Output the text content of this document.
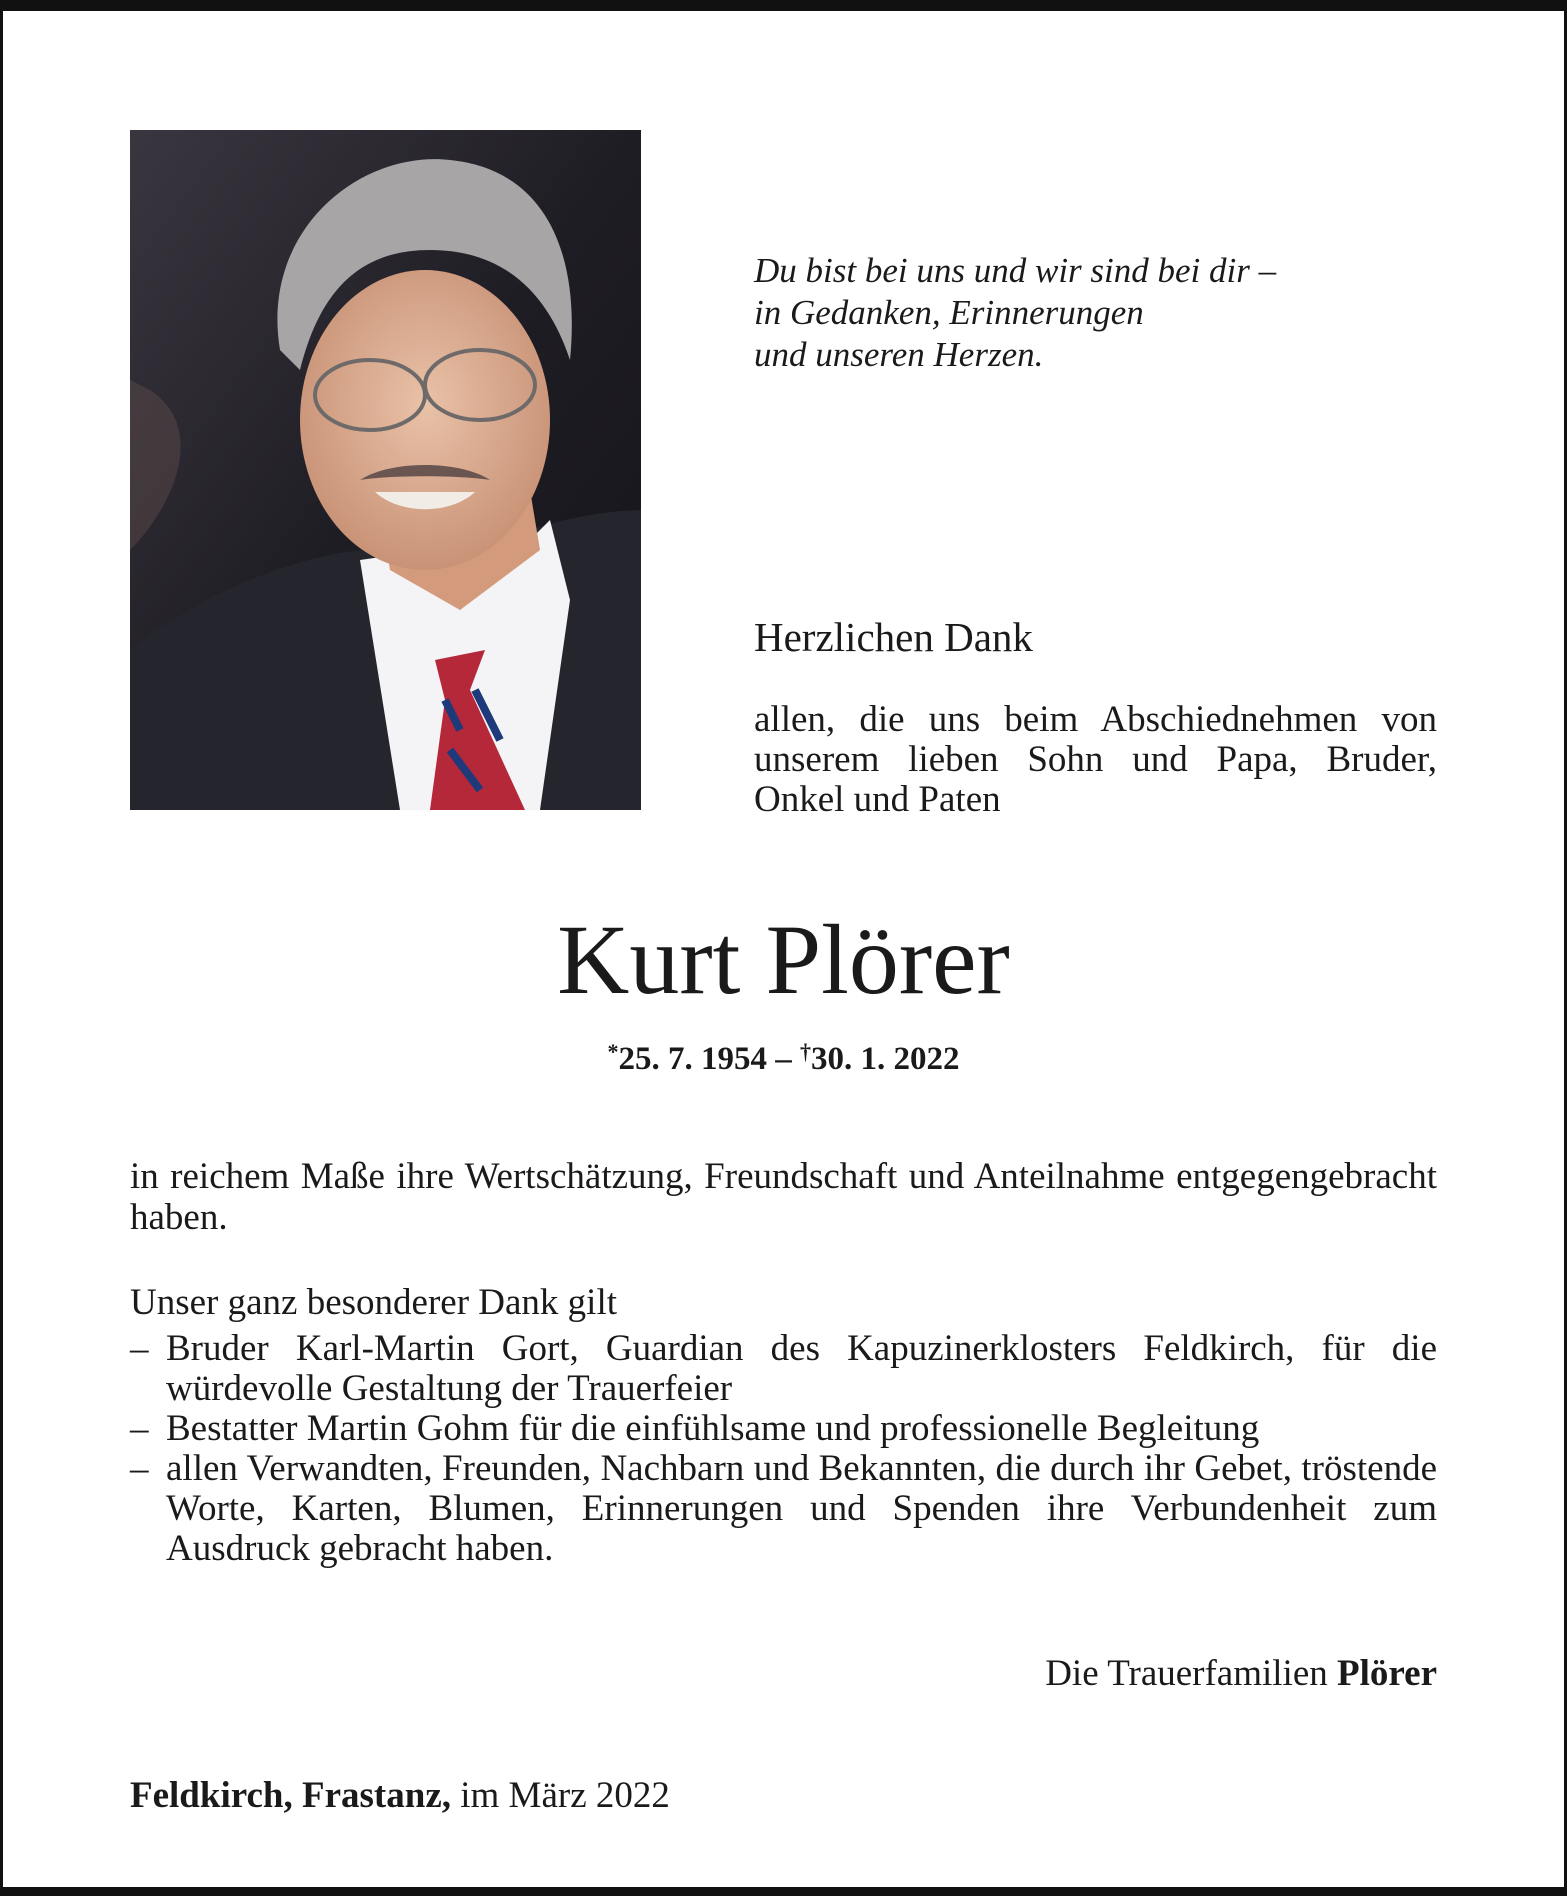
Du bist bei uns und wir sind bei dir –
in Gedanken, Erinnerungen
und unseren Herzen.
Herzlichen Dank
allen, die uns beim Abschiednehmen von unserem lieben Sohn und Papa, Bruder, Onkel und Paten
Kurt Plörer
*25. 7. 1954 – †30. 1. 2022
in reichem Maße ihre Wertschätzung, Freundschaft und Anteilnahme entgegengebracht haben.
Unser ganz besonderer Dank gilt
– Bruder Karl-Martin Gort, Guardian des Kapuzinerklosters Feldkirch, für die würdevolle Gestaltung der Trauerfeier
– Bestatter Martin Gohm für die einfühlsame und professionelle Begleitung
– allen Verwandten, Freunden, Nachbarn und Bekannten, die durch ihr Gebet, tröstende Worte, Karten, Blumen, Erinnerungen und Spenden ihre Verbundenheit zum Ausdruck gebracht haben.
Die Trauerfamilien Plörer
Feldkirch, Frastanz, im März 2022
